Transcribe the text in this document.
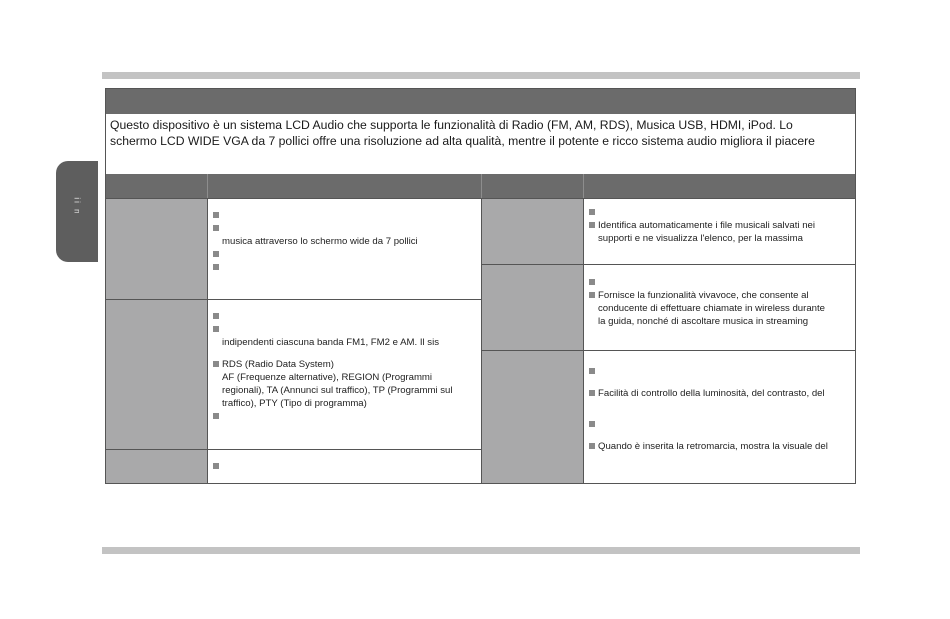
ii n
Questo dispositivo è un sistema LCD Audio che supporta le funzionalità di Radio (FM, AM, RDS), Musica USB, HDMI, iPod. Lo
schermo LCD WIDE VGA da 7 pollici offre una risoluzione ad alta qualità, mentre il potente e ricco sistema audio migliora il piacere

musica attraverso lo schermo wide da 7 pollici

indipendenti ciascuna banda FM1, FM2 e AM. Il sis
RDS (Radio Data System)
AF (Frequenze alternative), REGION (Programmi
regionali), TA (Annunci sul traffico), TP (Programmi sul
traffico), PTY (Tipo di programma)

Identifica automaticamente i file musicali salvati nei
supporti e ne visualizza l'elenco, per la massima

Fornisce la funzionalità vivavoce, che consente al
conducente di effettuare chiamate in wireless durante
la guida, nonché di ascoltare musica in streaming

Facilità di controllo della luminosità, del contrasto, del

Quando è inserita la retromarcia, mostra la visuale del
